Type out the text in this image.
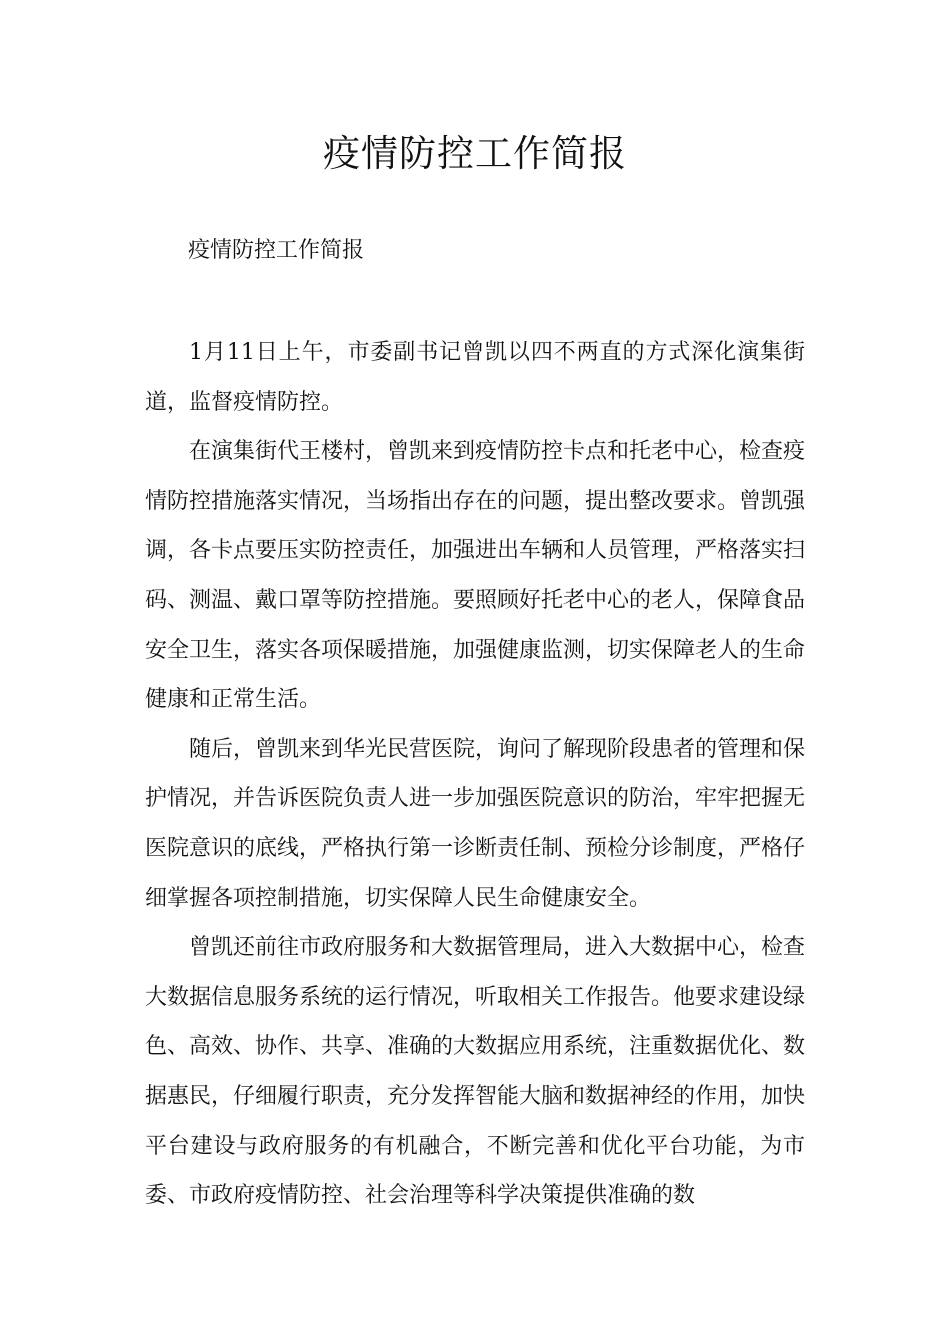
疫情防控工作简报

疫情防控工作简报

1月11日上午，市委副书记曾凯以四不两直的方式深化演集街道，监督疫情防控。

在演集街代王楼村，曾凯来到疫情防控卡点和托老中心，检查疫情防控措施落实情况，当场指出存在的问题，提出整改要求。曾凯强调，各卡点要压实防控责任，加强进出车辆和人员管理，严格落实扫码、测温、戴口罩等防控措施。要照顾好托老中心的老人，保障食品安全卫生，落实各项保暖措施，加强健康监测，切实保障老人的生命健康和正常生活。

随后，曾凯来到华光民营医院，询问了解现阶段患者的管理和保护情况，并告诉医院负责人进一步加强医院意识的防治，牢牢把握无医院意识的底线，严格执行第一诊断责任制、预检分诊制度，严格仔细掌握各项控制措施，切实保障人民生命健康安全。

曾凯还前往市政府服务和大数据管理局，进入大数据中心，检查大数据信息服务系统的运行情况，听取相关工作报告。他要求建设绿色、高效、协作、共享、准确的大数据应用系统，注重数据优化、数据惠民，仔细履行职责，充分发挥智能大脑和数据神经的作用，加快平台建设与政府服务的有机融合，不断完善和优化平台功能，为市委、市政府疫情防控、社会治理等科学决策提供准确的数
